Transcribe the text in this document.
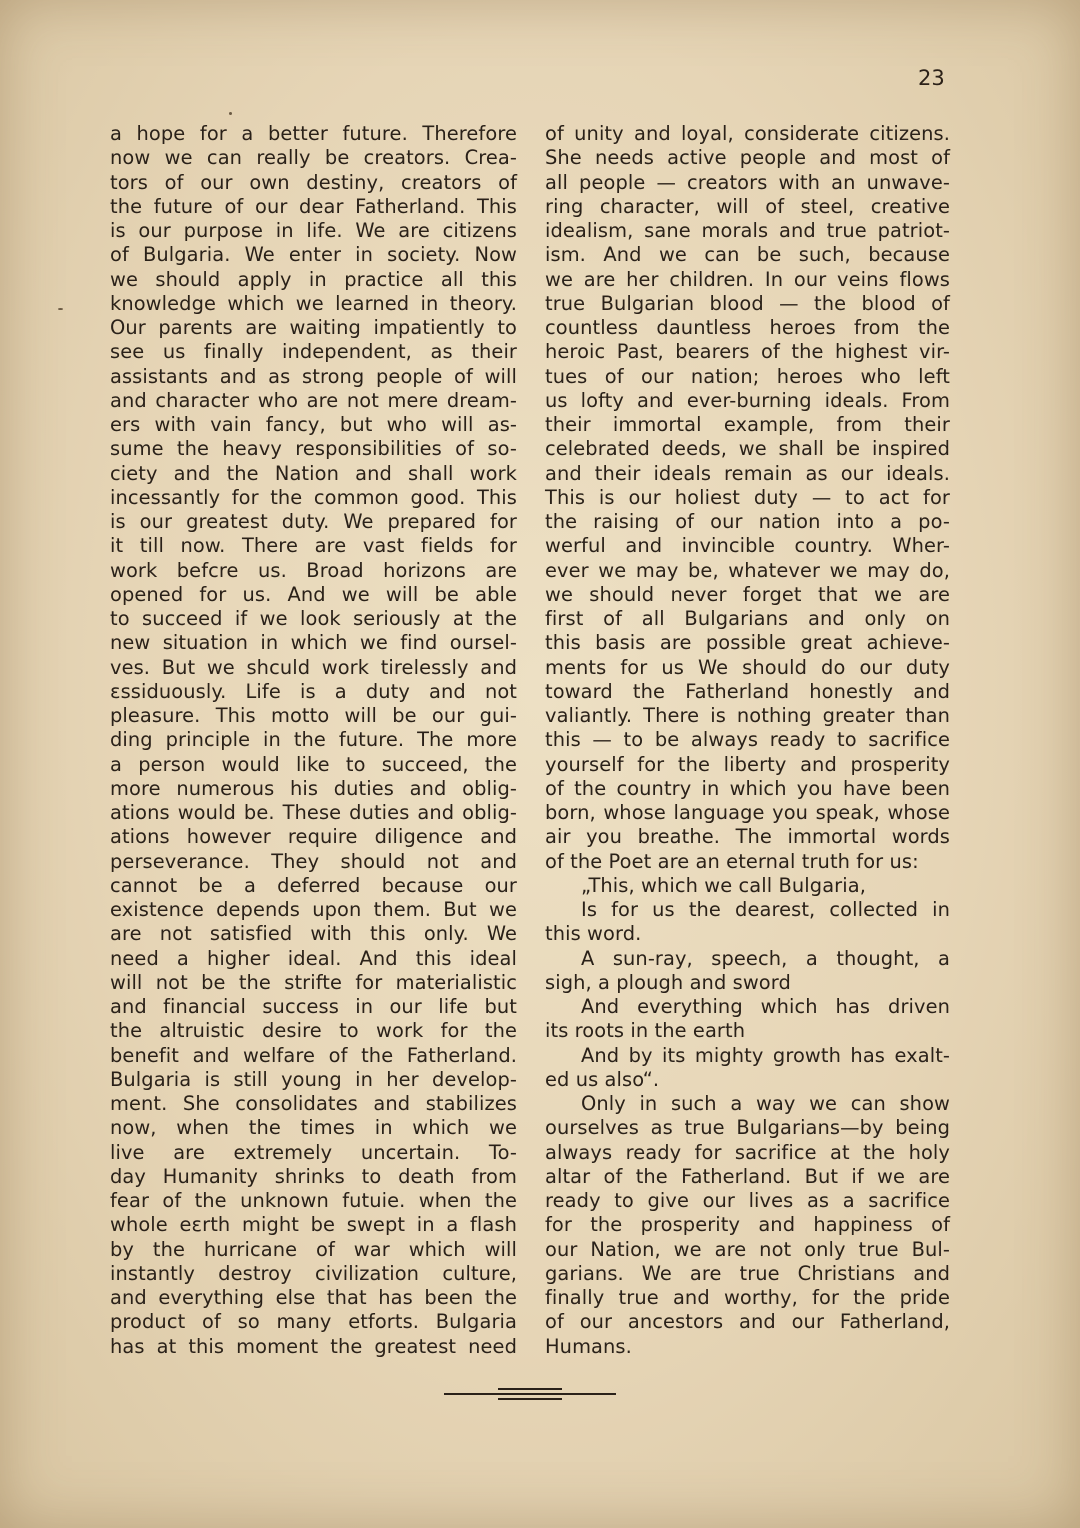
23
a hope for a better future. Therefore
now we can really be creators. Crea-
tors of our own destiny, creators of
the future of our dear Fatherland. This
is our purpose in life. We are citizens
of Bulgaria. We enter in society. Now
we should apply in practice all this
knowledge which we learned in theory.
Our parents are waiting impatiently to
see us finally independent, as their
assistants and as strong people of will
and character who are not mere dream-
ers with vain fancy, but who will as-
sume the heavy responsibilities of so-
ciety and the Nation and shall work
incessantly for the common good. This
is our greatest duty. We prepared for
it till now. There are vast fields for
work befcre us. Broad horizons are
opened for us. And we will be able
to succeed if we look seriously at the
new situation in which we find oursel-
ves. But we shculd work tirelessly and
ɛssiduously. Life is a duty and not
pleasure. This motto will be our gui-
ding principle in the future. The more
a person would like to succeed, the
more numerous his duties and oblig-
ations would be. These duties and oblig-
ations however require diligence and
perseverance. They should not and
cannot be a deferred because our
existence depends upon them. But we
are not satisfied with this only. We
need a higher ideal. And this ideal
will not be the strifte for materialistic
and financial success in our life but
the altruistic desire to work for the
benefit and welfare of the Fatherland.
Bulgaria is still young in her develop-
ment. She consolidates and stabilizes
now, when the times in which we
live are extremely uncertain. To-
day Humanity shrinks to death from
fear of the unknown futuie. when the
whole eεrth might be swept in a flash
by the hurricane of war which will
instantly destroy civilization culture,
and everything else that has been the
product of so many etforts. Bulgaria
has at this moment the greatest need
of unity and loyal, considerate citizens.
She needs active people and most of
all people — creators with an unwave-
ring character, will of steel, creative
idealism, sane morals and true patriot-
ism. And we can be such, because
we are her children. In our veins flows
true Bulgarian blood — the blood of
countless dauntless heroes from the
heroic Past, bearers of the highest vir-
tues of our nation; heroes who left
us lofty and ever-burning ideals. From
their immortal example, from their
celebrated deeds, we shall be inspired
and their ideals remain as our ideals.
This is our holiest duty — to act for
the raising of our nation into a po-
werful and invincible country. Wher-
ever we may be, whatever we may do,
we should never forget that we are
first of all Bulgarians and only on
this basis are possible great achieve-
ments for us We should do our duty
toward the Fatherland honestly and
valiantly. There is nothing greater than
this — to be always ready to sacrifice
yourself for the liberty and prosperity
of the country in which you have been
born, whose language you speak, whose
air you breathe. The immortal words
of the Poet are an eternal truth for us:
„This, which we call Bulgaria,
Is for us the dearest, collected in
this word.
A sun-ray, speech, a thought, a
sigh, a plough and sword
And everything which has driven
its roots in the earth
And by its mighty growth has exalt-
ed us also“.
Only in such a way we can show
ourselves as true Bulgarians—by being
always ready for sacrifice at the holy
altar of the Fatherland. But if we are
ready to give our lives as a sacrifice
for the prosperity and happiness of
our Nation, we are not only true Bul-
garians. We are true Christians and
finally true and worthy, for the pride
of our ancestors and our Fatherland,
Humans.
